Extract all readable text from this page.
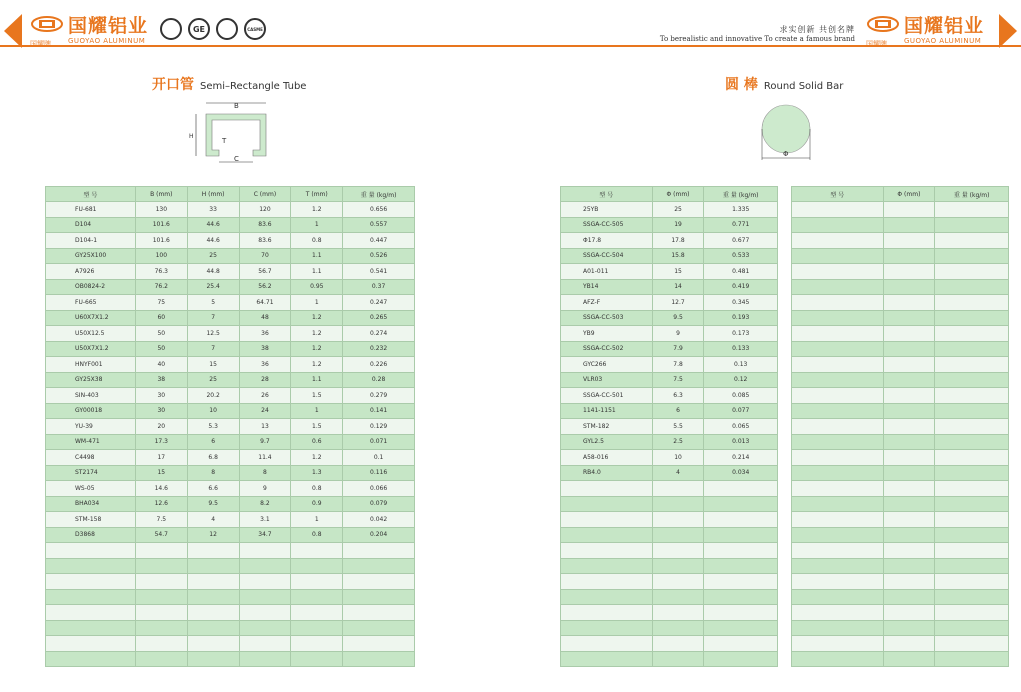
国耀牌
国耀铝业
GUOYAO ALUMINUM
GE	CASME	求实创新 共创名牌
To berealistic and innovative To create a famous brand
国耀牌
国耀铝业
GUOYAO ALUMINUM
开口管 Semi–Rectangle Tube
B
H
T
C
型 号	B (mm)	H (mm)	C (mm)	T (mm)	重 量 (kg/m)
FU-681	130	33	120	1.2	0.656
D104	101.6	44.6	83.6	1	0.557
D104-1	101.6	44.6	83.6	0.8	0.447
GY25X100	100	25	70	1.1	0.526
A7926	76.3	44.8	56.7	1.1	0.541
OB0824-2	76.2	25.4	56.2	0.95	0.37
FU-665	75	5	64.71	1	0.247
U60X7X1.2	60	7	48	1.2	0.265
U50X12.5	50	12.5	36	1.2	0.274
U50X7X1.2	50	7	38	1.2	0.232
HNYF001	40	15	36	1.2	0.226
GY25X38	38	25	28	1.1	0.28
SIN-403	30	20.2	26	1.5	0.279
GY00018	30	10	24	1	0.141
YU-39	20	5.3	13	1.5	0.129
WM-471	17.3	6	9.7	0.6	0.071
C4498	17	6.8	11.4	1.2	0.1
ST2174	15	8	8	1.3	0.116
WS-05	14.6	6.6	9	0.8	0.066
BHA034	12.6	9.5	8.2	0.9	0.079
STM-158	7.5	4	3.1	1	0.042
D3868	54.7	12	34.7	0.8	0.204

圆 棒 Round Solid Bar
Φ
型 号	Φ (mm)	重 量 (kg/m)
25YB	25	1.335
SSGA-CC-505	19	0.771
Φ17.8	17.8	0.677
SSGA-CC-504	15.8	0.533
A01-011	15	0.481
YB14	14	0.419
AFZ-F	12.7	0.345
SSGA-CC-503	9.5	0.193
YB9	9	0.173
SSGA-CC-502	7.9	0.133
GYC266	7.8	0.13
VLR03	7.5	0.12
SSGA-CC-501	6.3	0.085
1141-1151	6	0.077
STM-182	5.5	0.065
GYL2.5	2.5	0.013
A58-016	10	0.214
RB4.0	4	0.034

型 号	Φ (mm)	重 量 (kg/m)
